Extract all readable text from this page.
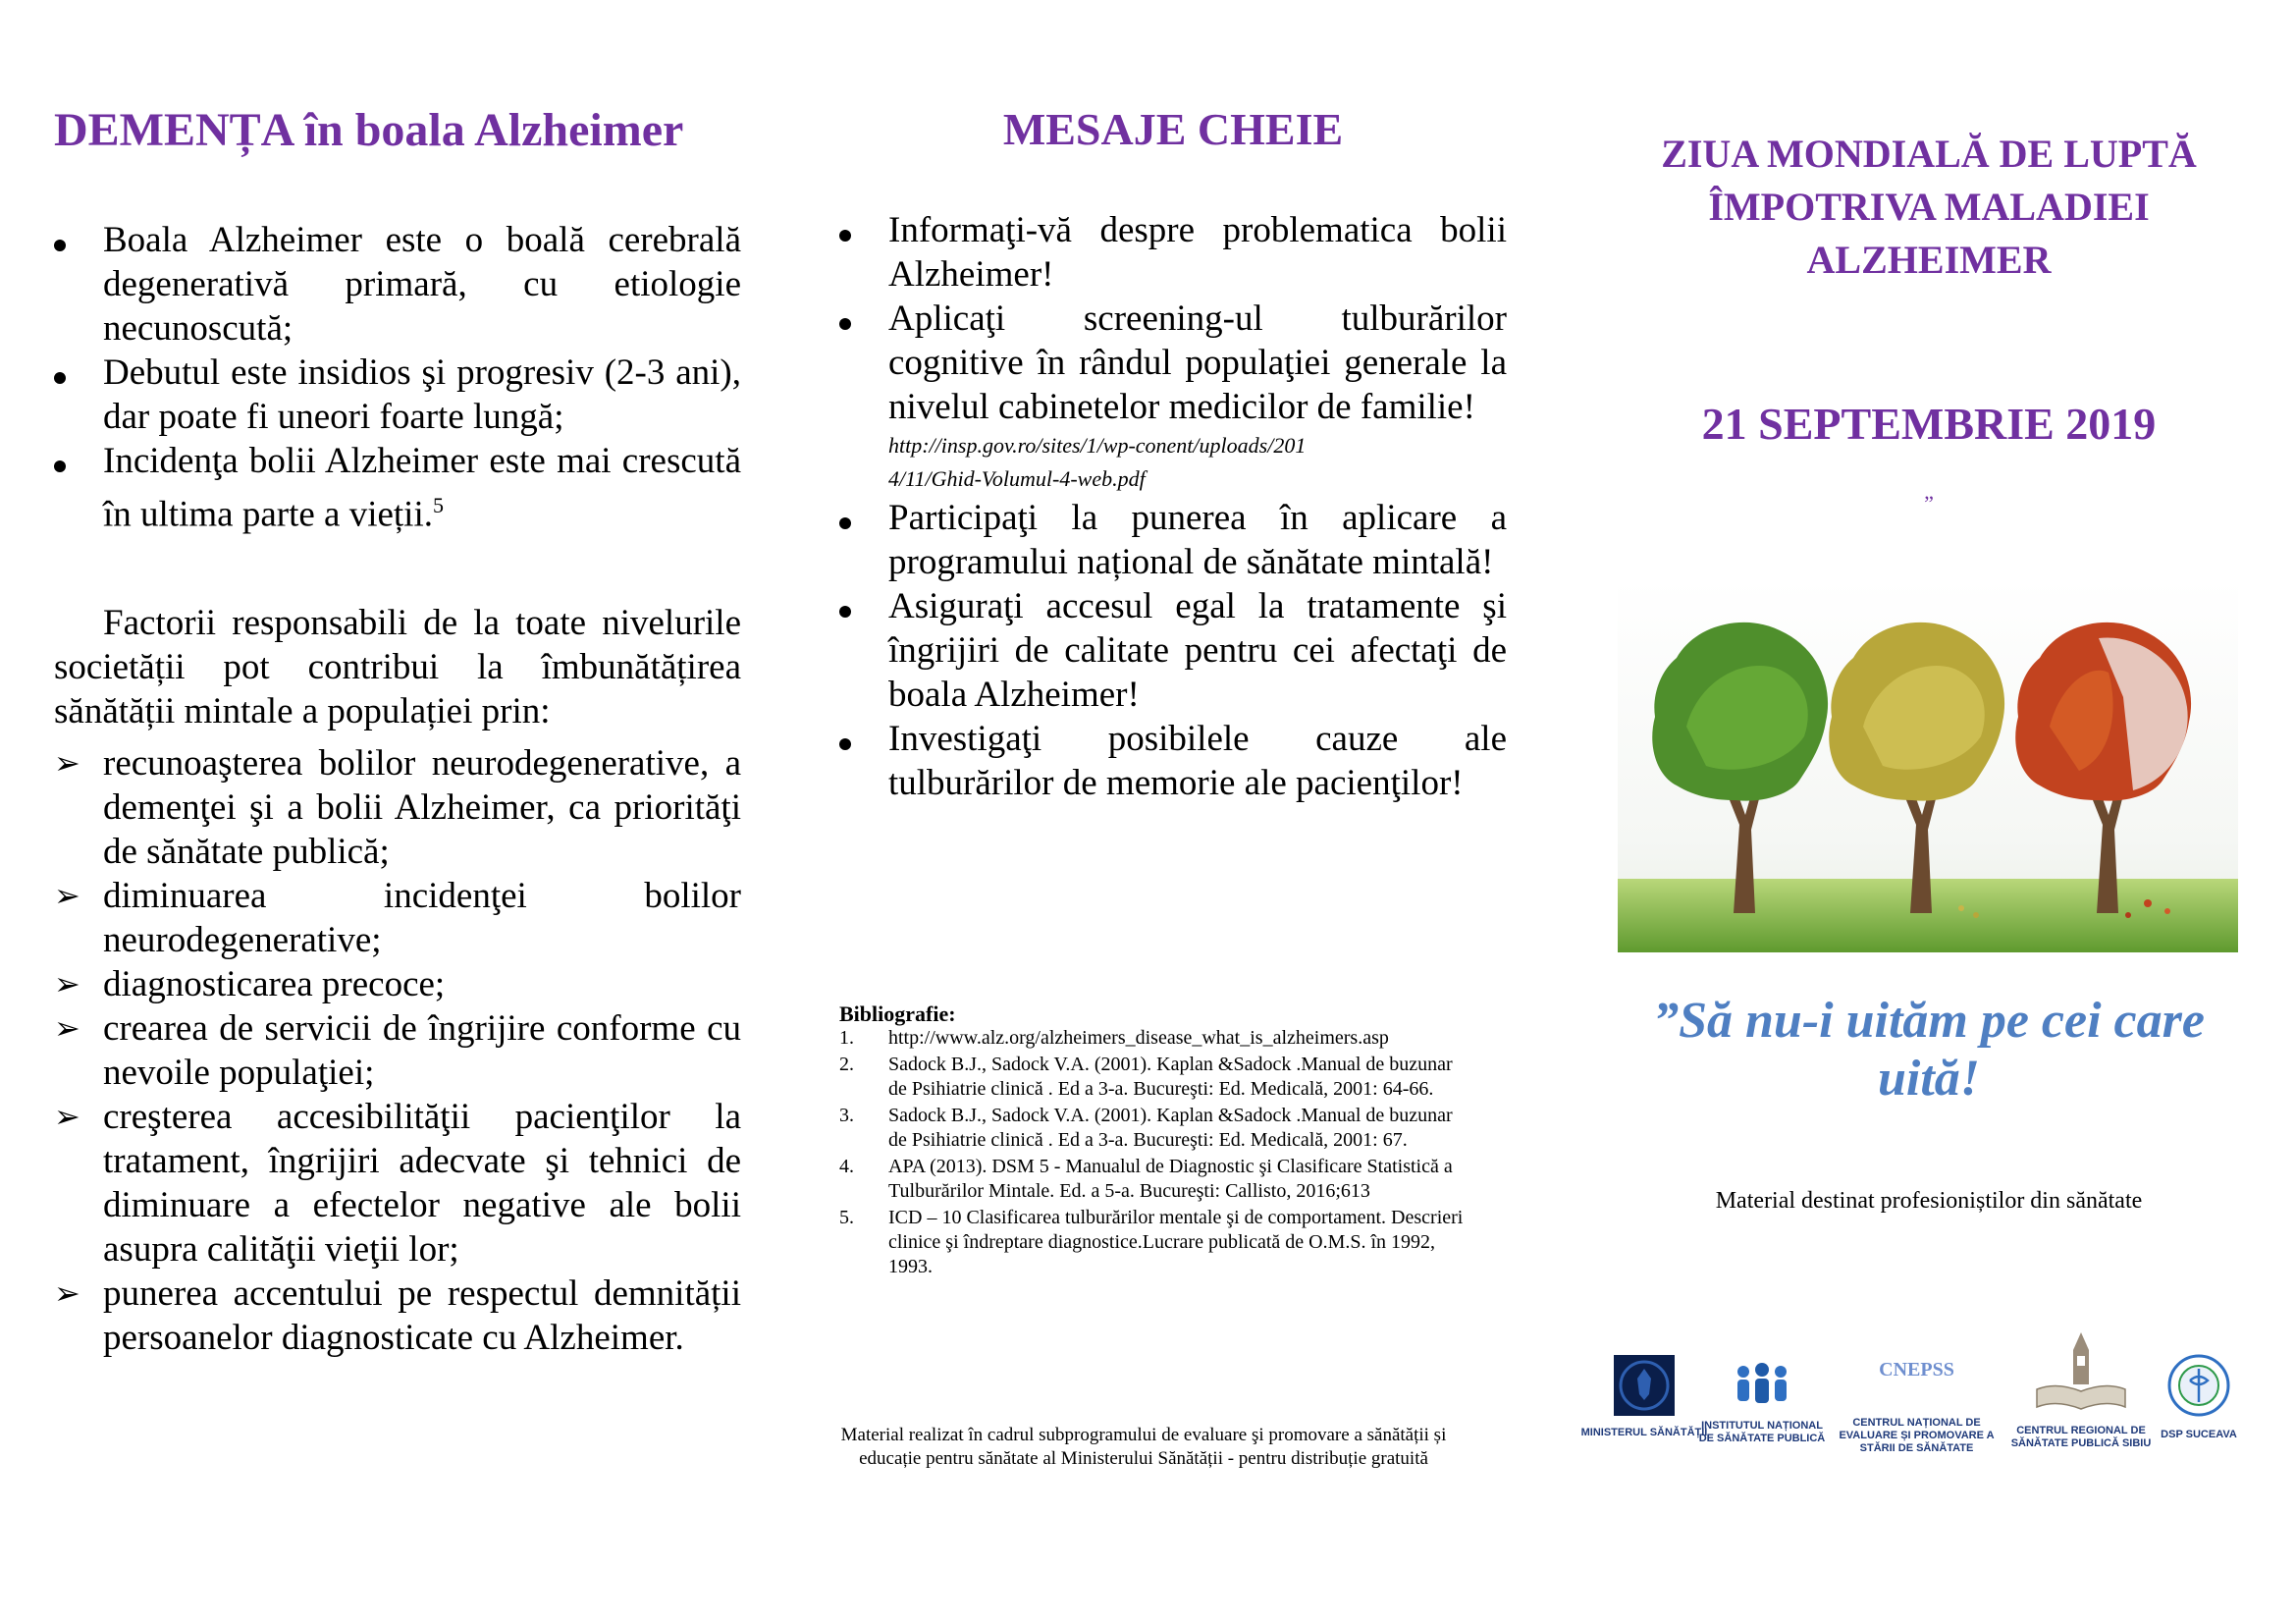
DEMENȚA în boala Alzheimer
Boala Alzheimer este o boală cerebrală degenerativă primară, cu etiologie necunoscută;
Debutul este insidios şi progresiv (2-3 ani), dar poate fi uneori foarte lungă;
Incidenţa bolii Alzheimer este mai crescută în ultima parte a vieții.$^5$

Factorii responsabili de la toate nivelurile societății pot contribui la îmbunătățirea sănătății mintale a populației prin:

➢ recunoaşterea bolilor neurodegenerative, a demenţei şi a bolii Alzheimer, ca priorităţi de sănătate publică;
➢ diminuarea incidenţei bolilor neurodegenerative;
➢ diagnosticarea precoce;
➢ crearea de servicii de îngrijire conforme cu nevoile populaţiei;
➢ creşterea accesibilităţii pacienţilor la tratament, îngrijiri adecvate şi tehnici de diminuare a efectelor negative ale bolii asupra calităţii vieţii lor;
➢ punerea accentului pe respectul demnității persoanelor diagnosticate cu Alzheimer.
MESAJE CHEIE
Informaţi-vă despre problematica bolii Alzheimer!
Aplicaţi screening-ul tulburărilor cognitive în rândul populaţiei generale la nivelul cabinetelor medicilor de familie!
http://insp.gov.ro/sites/1/wp-conent/uploads/2014/11/Ghid-Volumul-4-web.pdf
Participaţi la punerea în aplicare a programului național de sănătate mintală!
Asiguraţi accesul egal la tratamente şi îngrijiri de calitate pentru cei afectaţi de boala Alzheimer!
Investigaţi posibilele cauze ale tulburărilor de memorie ale pacienţilor!
Bibliografie:
1. http://www.alz.org/alzheimers_disease_what_is_alzheimers.asp
2. Sadock B.J., Sadock V.A. (2001). Kaplan &Sadock .Manual de buzunar de Psihiatrie clinică . Ed a 3-a. Bucureşti: Ed. Medicală, 2001: 64-66.
3. Sadock B.J., Sadock V.A. (2001). Kaplan &Sadock .Manual de buzunar de Psihiatrie clinică . Ed a 3-a. Bucureşti: Ed. Medicală, 2001: 67.
4. APA (2013). DSM 5 - Manualul de Diagnostic şi Clasificare Statistică a Tulburărilor Mintale. Ed. a 5-a. Bucureşti: Callisto, 2016;613
5. ICD – 10 Clasificarea tulburărilor mentale şi de comportament. Descrieri clinice şi îndreptare diagnostice.Lucrare publicată de O.M.S. în 1992, 1993.
Material realizat în cadrul subprogramului de evaluare şi promovare a sănătății și educație pentru sănătate al Ministerului Sănătății - pentru distribuție gratuită
ZIUA MONDIALĂ DE LUPTĂ
ÎMPOTRIVA MALADIEI
ALZHEIMER
21 SEPTEMBRIE 2019
”
”Să nu-i uităm pe cei care uită!
Material destinat profesioniștilor din sănătate
MINISTERUL SĂNĂTĂȚII
INSTITUTUL NAȚIONAL DE SĂNĂTATE PUBLICĂ
CNEPSS
CENTRUL NAȚIONAL DE EVALUARE ȘI PROMOVARE A STĂRII DE SĂNĂTATE
CENTRUL REGIONAL DE SĂNĂTATE PUBLICĂ SIBIU
DSP SUCEAVA
